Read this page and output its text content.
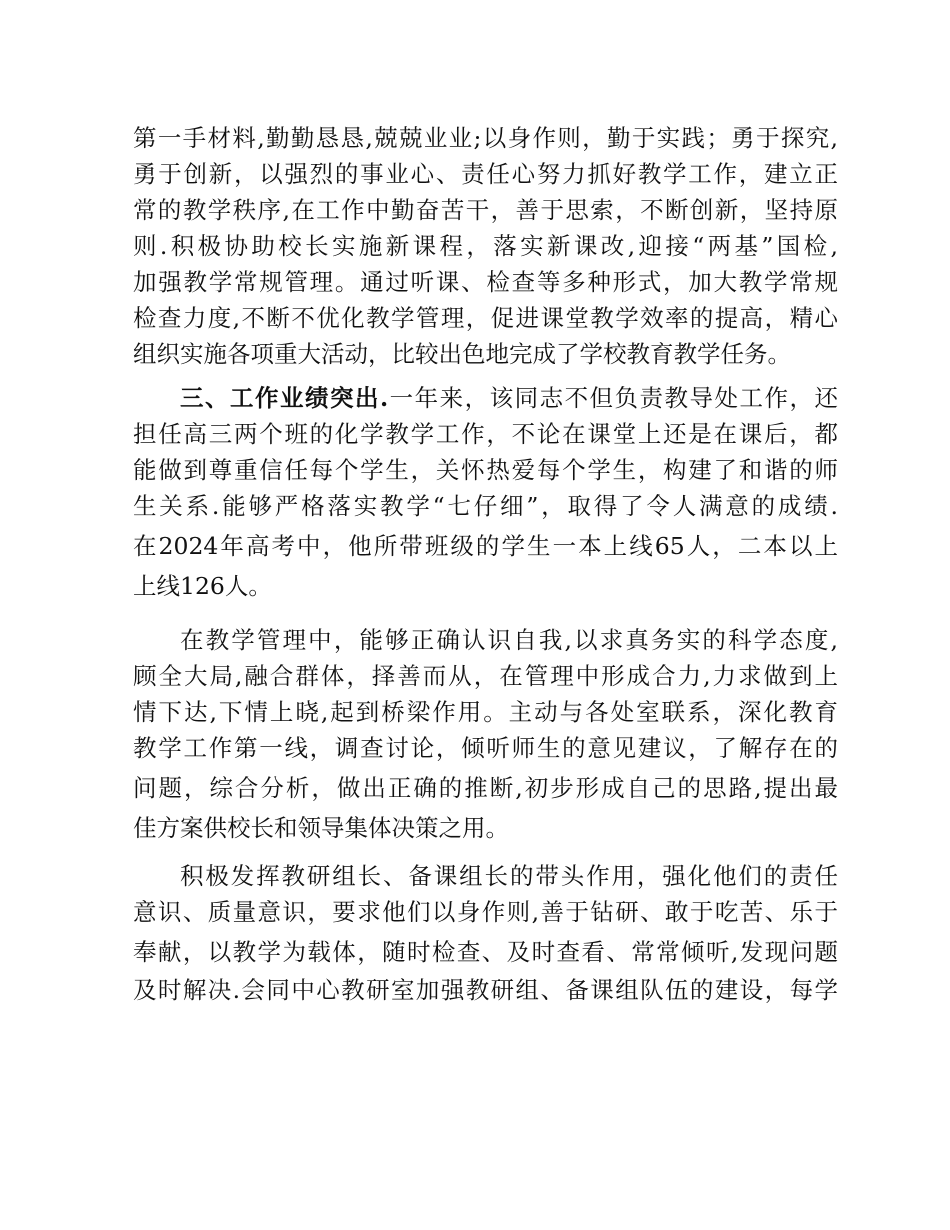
第一手材料,勤勤恳恳,兢兢业业;以身作则，勤于实践；勇于探究,
勇于创新，以强烈的事业心、责任心努力抓好教学工作，建立正
常的教学秩序,在工作中勤奋苦干，善于思索，不断创新，坚持原
则.积极协助校长实施新课程，落实新课改,迎接“两基”国检,
加强教学常规管理。通过听课、检查等多种形式，加大教学常规
检查力度,不断不优化教学管理，促进课堂教学效率的提高，精心
组织实施各项重大活动，比较出色地完成了学校教育教学任务。
三、工作业绩突出.一年来，该同志不但负责教导处工作，还
担任高三两个班的化学教学工作，不论在课堂上还是在课后，都
能做到尊重信任每个学生，关怀热爱每个学生，构建了和谐的师
生关系.能够严格落实教学“七仔细”，取得了令人满意的成绩.
在2024年高考中，他所带班级的学生一本上线65人，二本以上
上线126人。
在教学管理中，能够正确认识自我,以求真务实的科学态度,
顾全大局,融合群体，择善而从，在管理中形成合力,力求做到上
情下达,下情上晓,起到桥梁作用。主动与各处室联系，深化教育
教学工作第一线，调查讨论，倾听师生的意见建议，了解存在的
问题，综合分析，做出正确的推断,初步形成自己的思路,提出最
佳方案供校长和领导集体决策之用。
积极发挥教研组长、备课组长的带头作用，强化他们的责任
意识、质量意识，要求他们以身作则,善于钻研、敢于吃苦、乐于
奉献，以教学为载体，随时检查、及时查看、常常倾听,发现问题
及时解决.会同中心教研室加强教研组、备课组队伍的建设，每学
